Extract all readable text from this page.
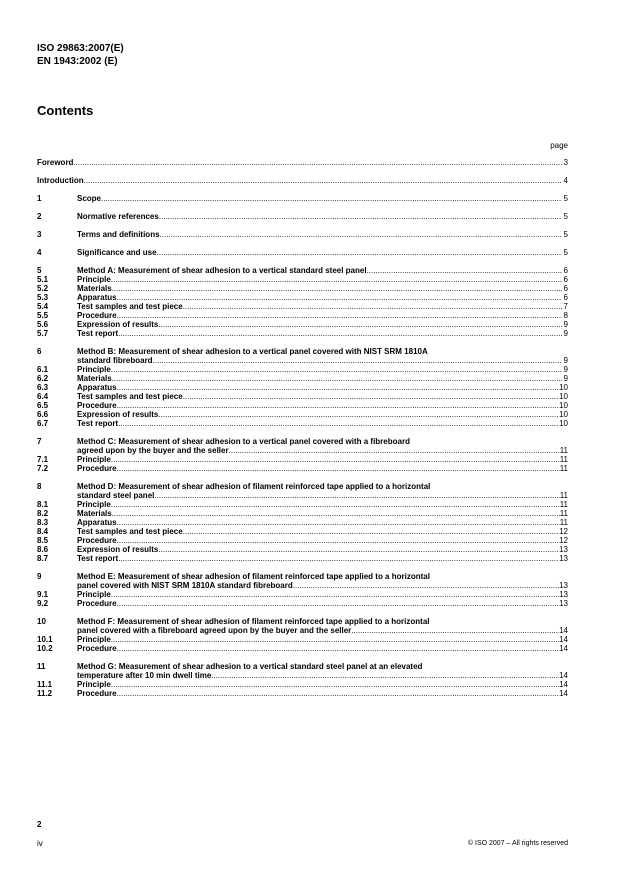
ISO 29863:2007(E)
EN 1943:2002 (E)
Contents
page
Foreword .....	3
Introduction .....	4
1	Scope .....	5
2	Normative references .....	5
3	Terms and definitions .....	5
4	Significance and use .....	5
5	Method A: Measurement of shear adhesion to a vertical standard steel panel .....	6
5.1	Principle .....	6
5.2	Materials .....	6
5.3	Apparatus .....	6
5.4	Test samples and test piece .....	7
5.5	Procedure .....	8
5.6	Expression of results .....	9
5.7	Test report .....	9
6	Method B: Measurement of shear adhesion to a vertical panel covered with NIST SRM 1810A
standard fibreboard .....	9
6.1	Principle .....	9
6.2	Materials .....	9
6.3	Apparatus .....	10
6.4	Test samples and test piece .....	10
6.5	Procedure .....	10
6.6	Expression of results .....	10
6.7	Test report .....	10
7	Method C: Measurement of shear adhesion to a vertical panel covered with a fibreboard
agreed upon by the buyer and the seller .....	11
7.1	Principle .....	11
7.2	Procedure .....	11
8	Method D: Measurement of shear adhesion of filament reinforced tape applied to a horizontal
standard steel panel .....	11
8.1	Principle .....	11
8.2	Materials .....	11
8.3	Apparatus .....	11
8.4	Test samples and test piece .....	12
8.5	Procedure .....	12
8.6	Expression of results .....	13
8.7	Test report .....	13
9	Method E: Measurement of shear adhesion of filament reinforced tape applied to a horizontal
panel covered with NIST SRM 1810A standard fibreboard .....	13
9.1	Principle .....	13
9.2	Procedure .....	13
10	Method F: Measurement of shear adhesion of filament reinforced tape applied to a horizontal
panel covered with a fibreboard agreed upon by the buyer and the seller .....	14
10.1	Principle .....	14
10.2	Procedure .....	14
11	Method G: Measurement of shear adhesion to a vertical standard steel panel at an elevated
temperature after 10 min dwell time .....	14
11.1	Principle .....	14
11.2	Procedure .....	14
2
iv	© ISO 2007 – All rights reserved
